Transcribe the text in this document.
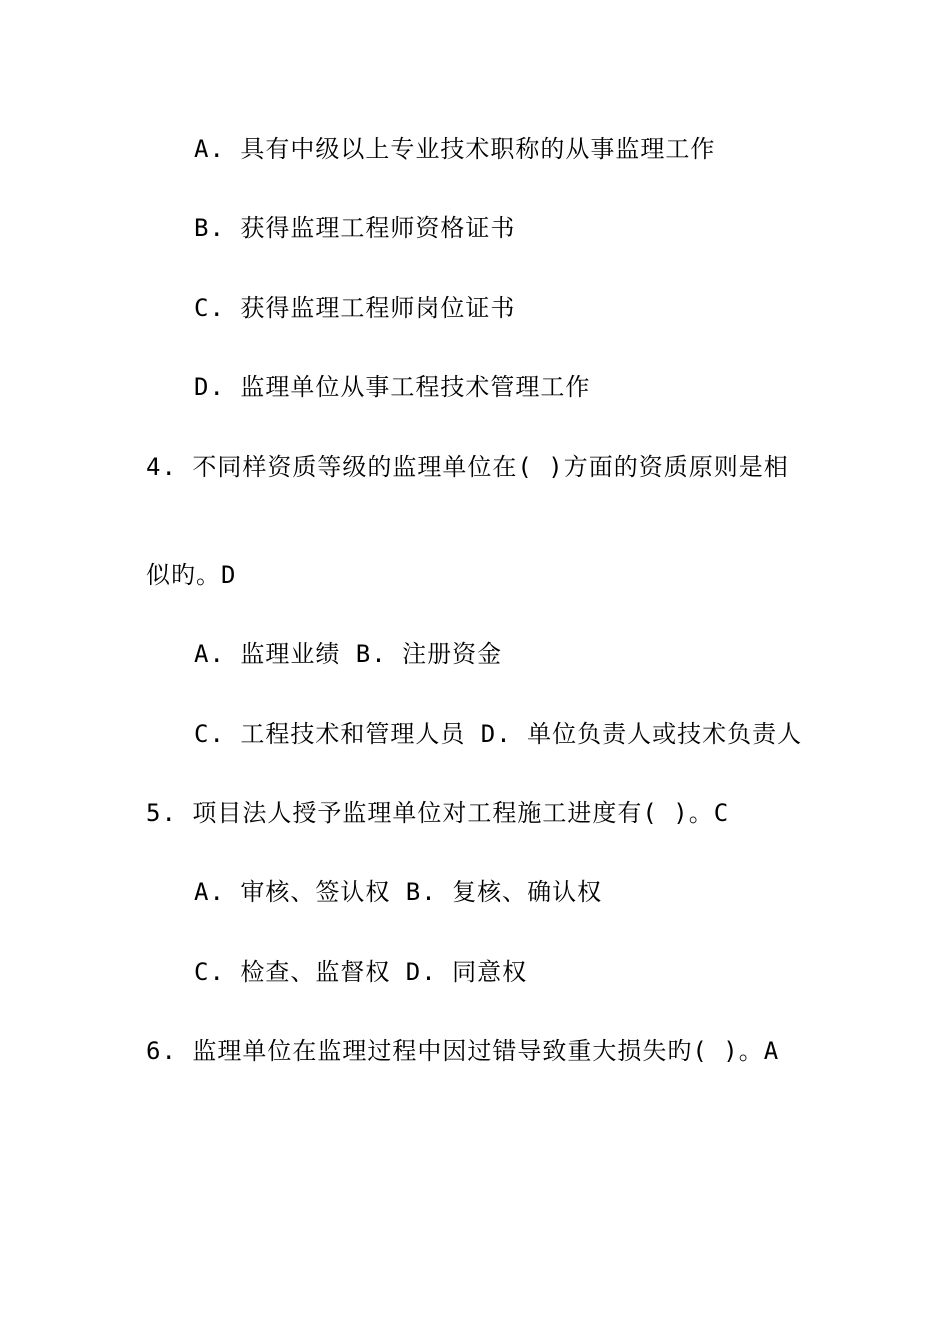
A. 具有中级以上专业技术职称的从事监理工作
B. 获得监理工程师资格证书
C. 获得监理工程师岗位证书
D. 监理单位从事工程技术管理工作
4. 不同样资质等级的监理单位在( )方面的资质原则是相
似旳。D
A. 监理业绩 B. 注册资金
C. 工程技术和管理人员 D. 单位负责人或技术负责人
5. 项目法人授予监理单位对工程施工进度有( )。C
A. 审核、签认权 B. 复核、确认权
C. 检查、监督权 D. 同意权
6. 监理单位在监理过程中因过错导致重大损失旳( )。A
